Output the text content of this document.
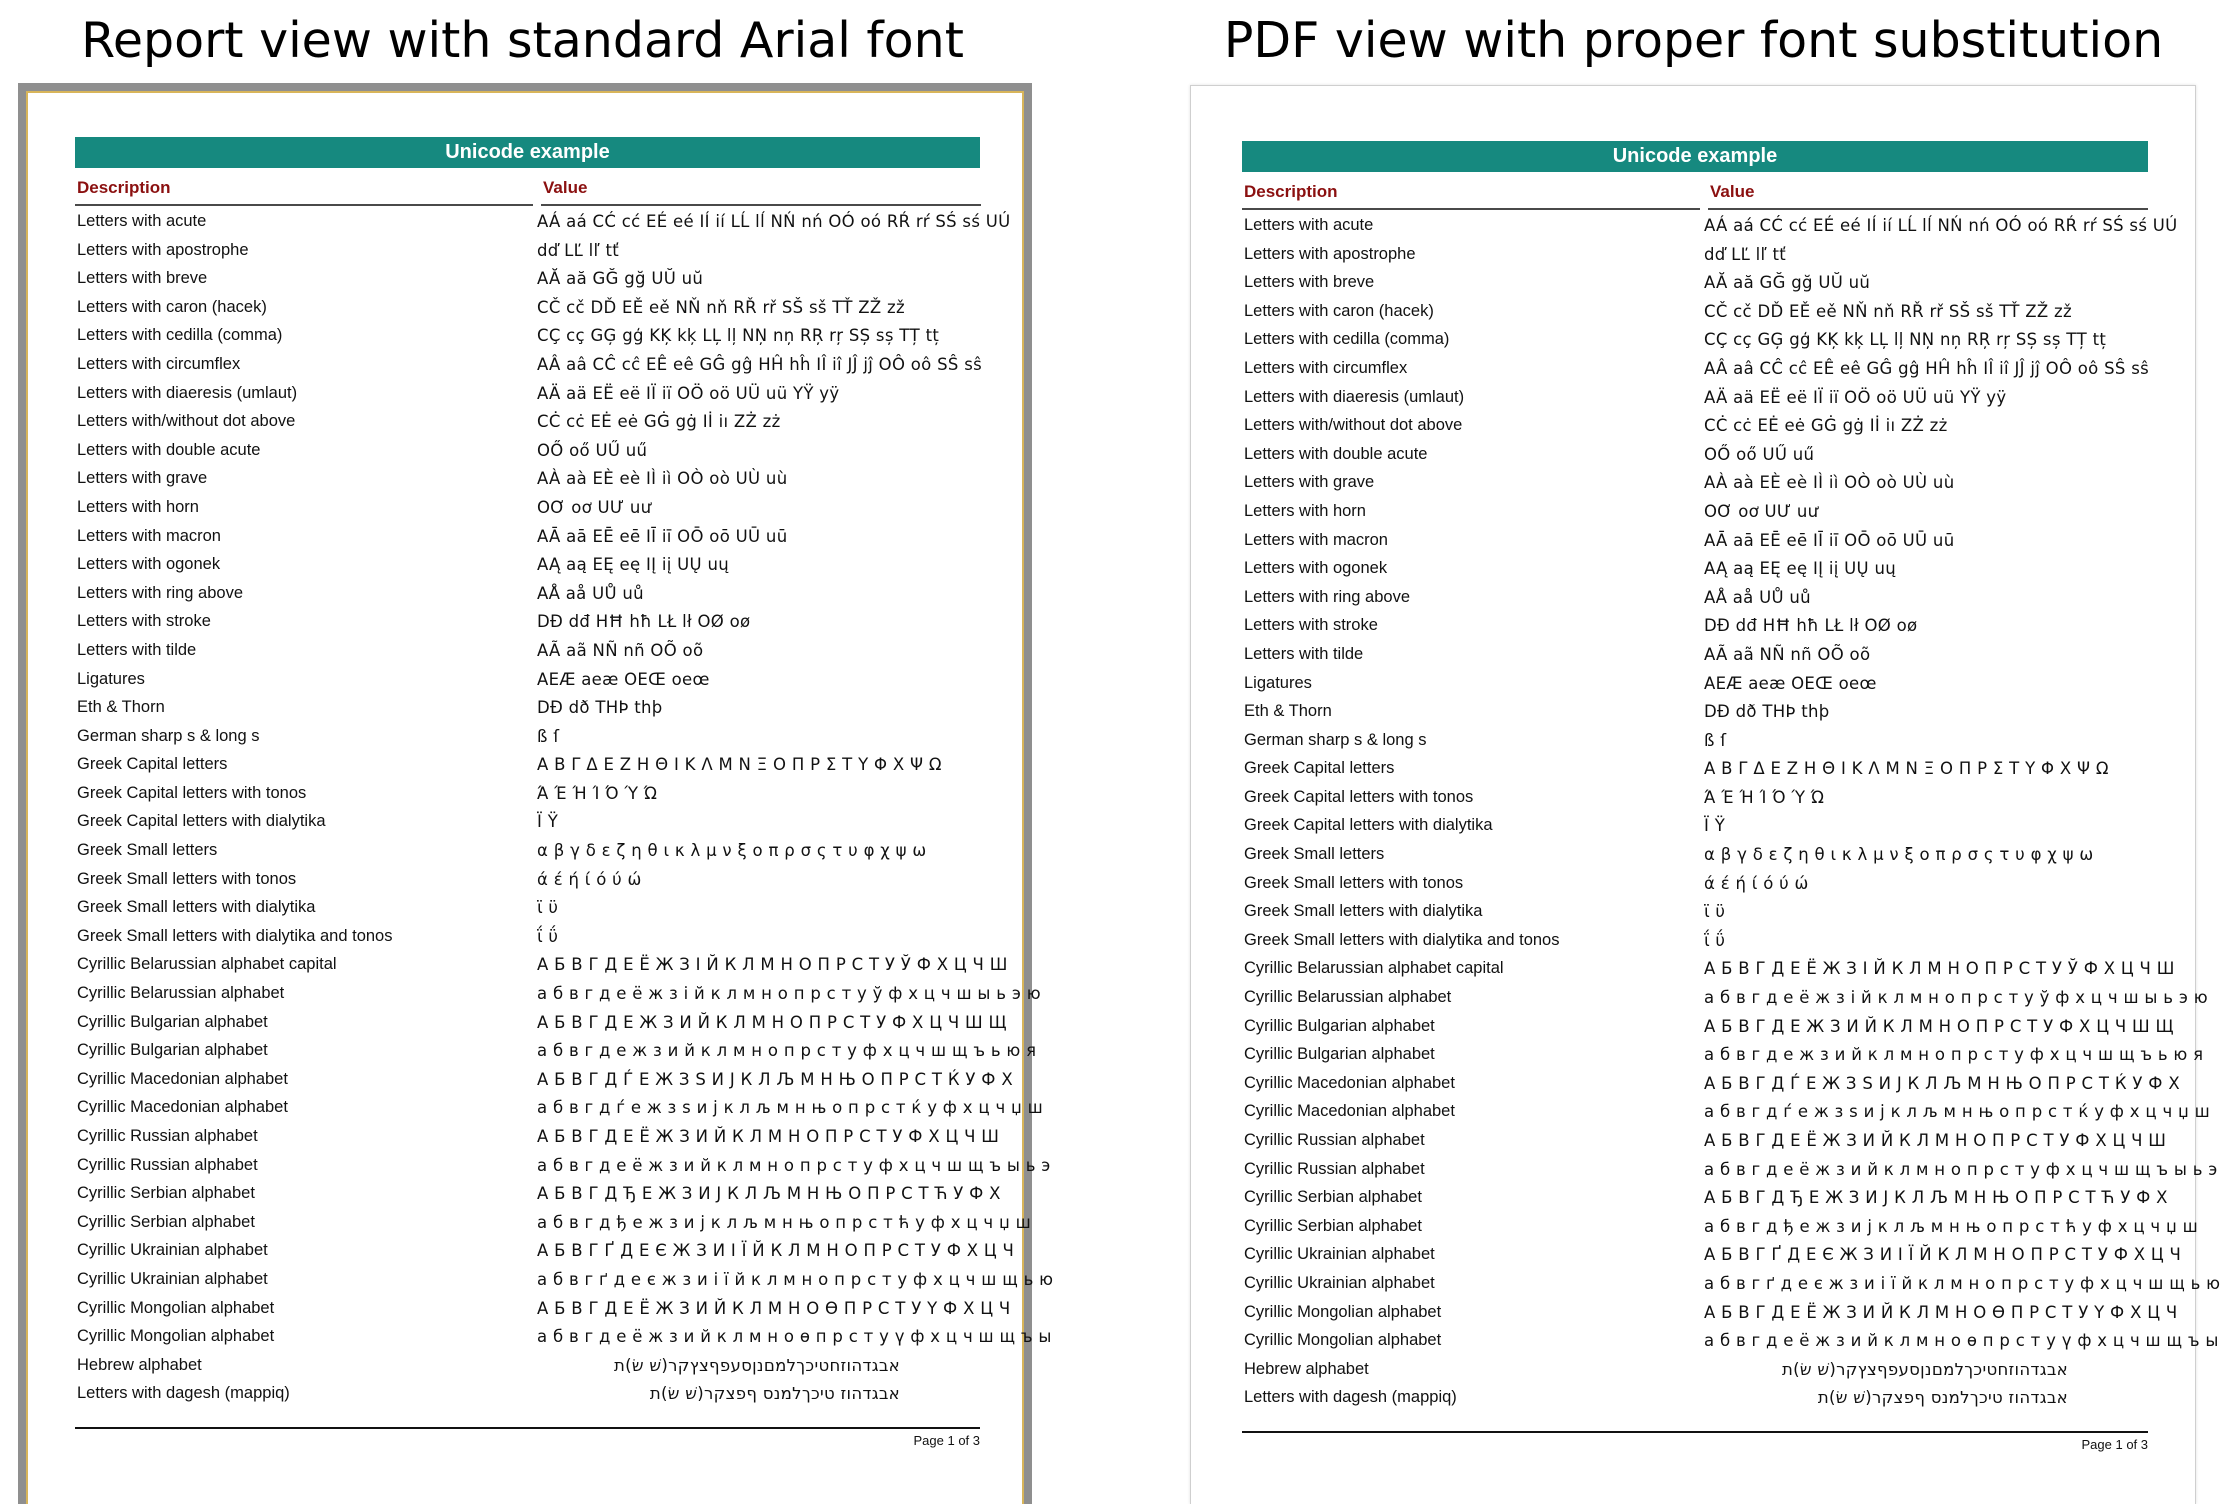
Report view with standard Arial font	PDF view with proper font substitution
Unicode example
Description	Value
Letters with acute	AÁ aá CĆ cć EÉ eé IÍ ií LĹ lĺ NŃ nń OÓ oó RŔ rŕ SŚ sś UÚ
Letters with apostrophe	dď LĽ lľ tť
Letters with breve	AĂ aă GĞ gğ UŬ uŭ
Letters with caron (hacek)	CČ cč DĎ EĚ eě NŇ nň RŘ rř SŠ sš TŤ ZŽ zž
Letters with cedilla (comma)	CÇ cç GĢ gģ KĶ kķ LĻ lļ NŅ nņ RŖ rŗ SȘ sș TȚ tț
Letters with circumflex	AÂ aâ CĈ cĉ EÊ eê GĜ gĝ HĤ hĥ IÎ iî JĴ jĵ OÔ oô SŜ sŝ
Letters with diaeresis (umlaut)	AÄ aä EË eë IÏ iï OÖ oö UÜ uü YŸ yÿ
Letters with/without dot above	CĊ cċ EĖ eė GĠ gġ Iİ iı ZŻ zż
Letters with double acute	OŐ oő UŰ uű
Letters with grave	AÀ aà EÈ eè IÌ iì OÒ oò UÙ uù
Letters with horn	OƠ oơ UƯ uư
Letters with macron	AĀ aā EĒ eē IĪ iī OŌ oō UŪ uū
Letters with ogonek	AĄ aą EĘ eę IĮ iį UŲ uų
Letters with ring above	AÅ aå UŮ uů
Letters with stroke	DĐ dđ HĦ hħ LŁ lł OØ oø
Letters with tilde	AÃ aã NÑ nñ OÕ oõ
Ligatures	AEÆ aeæ OEŒ oeœ
Eth & Thorn	DÐ dð THÞ thþ
German sharp s & long s	ß ſ
Greek Capital letters	Α Β Γ Δ Ε Ζ Η Θ Ι Κ Λ Μ Ν Ξ Ο Π Ρ Σ Τ Υ Φ Χ Ψ Ω
Greek Capital letters with tonos	Ά Έ Ή Ί Ό Ύ Ώ
Greek Capital letters with dialytika	Ϊ Ϋ
Greek Small letters	α β γ δ ε ζ η θ ι κ λ μ ν ξ ο π ρ σ ς τ υ φ χ ψ ω
Greek Small letters with tonos	ά έ ή ί ό ύ ώ
Greek Small letters with dialytika	ϊ ϋ
Greek Small letters with dialytika and tonos	ΐ ΰ
Cyrillic Belarussian alphabet capital	А Б В Г Д Е Ё Ж З І Й К Л М Н О П Р С Т У Ў Ф Х Ц Ч Ш
Cyrillic Belarussian alphabet	а б в г д е ё ж з і й к л м н о п р с т у ў ф х ц ч ш ы ь э ю
Cyrillic Bulgarian alphabet	А Б В Г Д Е Ж З И Й К Л М Н О П Р С Т У Ф Х Ц Ч Ш Щ
Cyrillic Bulgarian alphabet	а б в г д е ж з и й к л м н о п р с т у ф х ц ч ш щ ъ ь ю я
Cyrillic Macedonian alphabet	А Б В Г Д Ѓ Е Ж З Ѕ И Ј К Л Љ М Н Њ О П Р С Т Ќ У Ф Х
Cyrillic Macedonian alphabet	а б в г д ѓ е ж з ѕ и ј к л љ м н њ о п р с т ќ у ф х ц ч џ ш
Cyrillic Russian alphabet	А Б В Г Д Е Ё Ж З И Й К Л М Н О П Р С Т У Ф Х Ц Ч Ш
Cyrillic Russian alphabet	а б в г д е ё ж з и й к л м н о п р с т у ф х ц ч ш щ ъ ы ь э
Cyrillic Serbian alphabet	А Б В Г Д Ђ Е Ж З И Ј К Л Љ М Н Њ О П Р С Т Ћ У Ф Х
Cyrillic Serbian alphabet	а б в г д ђ е ж з и ј к л љ м н њ о п р с т ћ у ф х ц ч џ ш
Cyrillic Ukrainian alphabet	А Б В Г Ґ Д Е Є Ж З И І Ї Й К Л М Н О П Р С Т У Ф Х Ц Ч
Cyrillic Ukrainian alphabet	а б в г ґ д е є ж з и і ї й к л м н о п р с т у ф х ц ч ш щ ь ю
Cyrillic Mongolian alphabet	А Б В Г Д Е Ё Ж З И Й К Л М Н О Ө П Р С Т У Ү Ф Х Ц Ч
Cyrillic Mongolian alphabet	а б в г д е ё ж з и й к л м н о ө п р с т у ү ф х ц ч ш щ ъ ы
Hebrew alphabet	אבגדהוזחטיכךלמםנןסעפףצץקר(שׁ שׂ)ת
Letters with dagesh (mappiq)	אבגדהוז טיכךלמנס ףפצקר(שׁ שׂ)ת
Page 1 of 3
Unicode example
Description	Value
Letters with acute	AÁ aá CĆ cć EÉ eé IÍ ií LĹ lĺ NŃ nń OÓ oó RŔ rŕ SŚ sś UÚ
Letters with apostrophe	dď LĽ lľ tť
Letters with breve	AĂ aă GĞ gğ UŬ uŭ
Letters with caron (hacek)	CČ cč DĎ EĚ eě NŇ nň RŘ rř SŠ sš TŤ ZŽ zž
Letters with cedilla (comma)	CÇ cç GĢ gģ KĶ kķ LĻ lļ NŅ nņ RŖ rŗ SȘ sș TȚ tț
Letters with circumflex	AÂ aâ CĈ cĉ EÊ eê GĜ gĝ HĤ hĥ IÎ iî JĴ jĵ OÔ oô SŜ sŝ
Letters with diaeresis (umlaut)	AÄ aä EË eë IÏ iï OÖ oö UÜ uü YŸ yÿ
Letters with/without dot above	CĊ cċ EĖ eė GĠ gġ Iİ iı ZŻ zż
Letters with double acute	OŐ oő UŰ uű
Letters with grave	AÀ aà EÈ eè IÌ iì OÒ oò UÙ uù
Letters with horn	OƠ oơ UƯ uư
Letters with macron	AĀ aā EĒ eē IĪ iī OŌ oō UŪ uū
Letters with ogonek	AĄ aą EĘ eę IĮ iį UŲ uų
Letters with ring above	AÅ aå UŮ uů
Letters with stroke	DĐ dđ HĦ hħ LŁ lł OØ oø
Letters with tilde	AÃ aã NÑ nñ OÕ oõ
Ligatures	AEÆ aeæ OEŒ oeœ
Eth & Thorn	DÐ dð THÞ thþ
German sharp s & long s	ß ſ
Greek Capital letters	Α Β Γ Δ Ε Ζ Η Θ Ι Κ Λ Μ Ν Ξ Ο Π Ρ Σ Τ Υ Φ Χ Ψ Ω
Greek Capital letters with tonos	Ά Έ Ή Ί Ό Ύ Ώ
Greek Capital letters with dialytika	Ϊ Ϋ
Greek Small letters	α β γ δ ε ζ η θ ι κ λ μ ν ξ ο π ρ σ ς τ υ φ χ ψ ω
Greek Small letters with tonos	ά έ ή ί ό ύ ώ
Greek Small letters with dialytika	ϊ ϋ
Greek Small letters with dialytika and tonos	ΐ ΰ
Cyrillic Belarussian alphabet capital	А Б В Г Д Е Ё Ж З І Й К Л М Н О П Р С Т У Ў Ф Х Ц Ч Ш
Cyrillic Belarussian alphabet	а б в г д е ё ж з і й к л м н о п р с т у ў ф х ц ч ш ы ь э ю
Cyrillic Bulgarian alphabet	А Б В Г Д Е Ж З И Й К Л М Н О П Р С Т У Ф Х Ц Ч Ш Щ
Cyrillic Bulgarian alphabet	а б в г д е ж з и й к л м н о п р с т у ф х ц ч ш щ ъ ь ю я
Cyrillic Macedonian alphabet	А Б В Г Д Ѓ Е Ж З Ѕ И Ј К Л Љ М Н Њ О П Р С Т Ќ У Ф Х
Cyrillic Macedonian alphabet	а б в г д ѓ е ж з ѕ и ј к л љ м н њ о п р с т ќ у ф х ц ч џ ш
Cyrillic Russian alphabet	А Б В Г Д Е Ё Ж З И Й К Л М Н О П Р С Т У Ф Х Ц Ч Ш
Cyrillic Russian alphabet	а б в г д е ё ж з и й к л м н о п р с т у ф х ц ч ш щ ъ ы ь э
Cyrillic Serbian alphabet	А Б В Г Д Ђ Е Ж З И Ј К Л Љ М Н Њ О П Р С Т Ћ У Ф Х
Cyrillic Serbian alphabet	а б в г д ђ е ж з и ј к л љ м н њ о п р с т ћ у ф х ц ч џ ш
Cyrillic Ukrainian alphabet	А Б В Г Ґ Д Е Є Ж З И І Ї Й К Л М Н О П Р С Т У Ф Х Ц Ч
Cyrillic Ukrainian alphabet	а б в г ґ д е є ж з и і ї й к л м н о п р с т у ф х ц ч ш щ ь ю
Cyrillic Mongolian alphabet	А Б В Г Д Е Ё Ж З И Й К Л М Н О Ө П Р С Т У Ү Ф Х Ц Ч
Cyrillic Mongolian alphabet	а б в г д е ё ж з и й к л м н о ө п р с т у ү ф х ц ч ш щ ъ ы
Hebrew alphabet	אבגדהוזחטיכךלמםנןסעפףצץקר(שׁ שׂ)ת
Letters with dagesh (mappiq)	אבגדהוז טיכךלמנס ףפצקר(שׁ שׂ)ת
Page 1 of 3
